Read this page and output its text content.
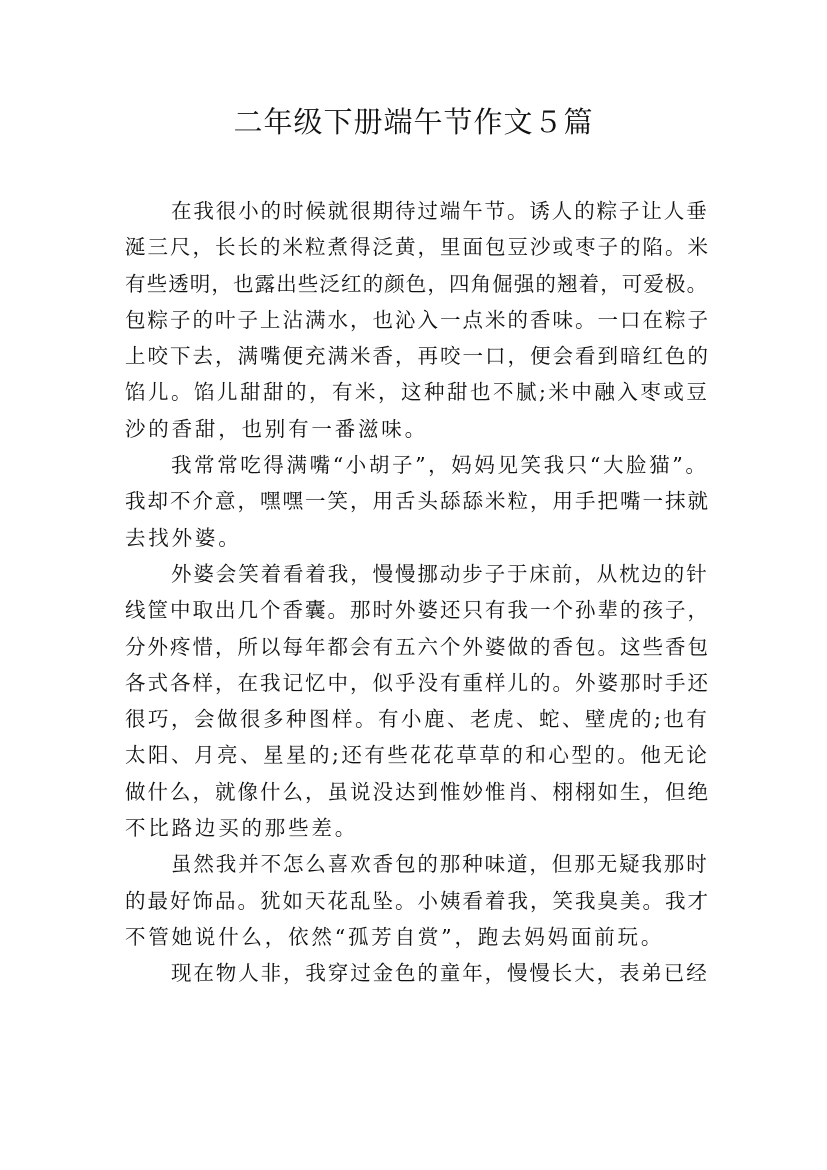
二年级下册端午节作文５篇
在我很小的时候就很期待过端午节。诱人的粽子让人垂
涎三尺，长长的米粒煮得泛黄，里面包豆沙或枣子的陷。米
有些透明，也露出些泛红的颜色，四角倔强的翘着，可爱极。
包粽子的叶子上沾满水，也沁入一点米的香味。一口在粽子
上咬下去，满嘴便充满米香，再咬一口，便会看到暗红色的
馅儿。馅儿甜甜的，有米，这种甜也不腻;米中融入枣或豆
沙的香甜，也别有一番滋味。
我常常吃得满嘴“小胡子”，妈妈见笑我只“大脸猫”。
我却不介意，嘿嘿一笑，用舌头舔舔米粒，用手把嘴一抹就
去找外婆。
外婆会笑着看着我，慢慢挪动步子于床前，从枕边的针
线筐中取出几个香囊。那时外婆还只有我一个孙辈的孩子，
分外疼惜，所以每年都会有五六个外婆做的香包。这些香包
各式各样，在我记忆中，似乎没有重样儿的。外婆那时手还
很巧，会做很多种图样。有小鹿、老虎、蛇、壁虎的;也有
太阳、月亮、星星的;还有些花花草草的和心型的。他无论
做什么，就像什么，虽说没达到惟妙惟肖、栩栩如生，但绝
不比路边买的那些差。
虽然我并不怎么喜欢香包的那种味道，但那无疑我那时
的最好饰品。犹如天花乱坠。小姨看着我，笑我臭美。我才
不管她说什么，依然“孤芳自赏”，跑去妈妈面前玩。
现在物人非，我穿过金色的童年，慢慢长大，表弟已经
